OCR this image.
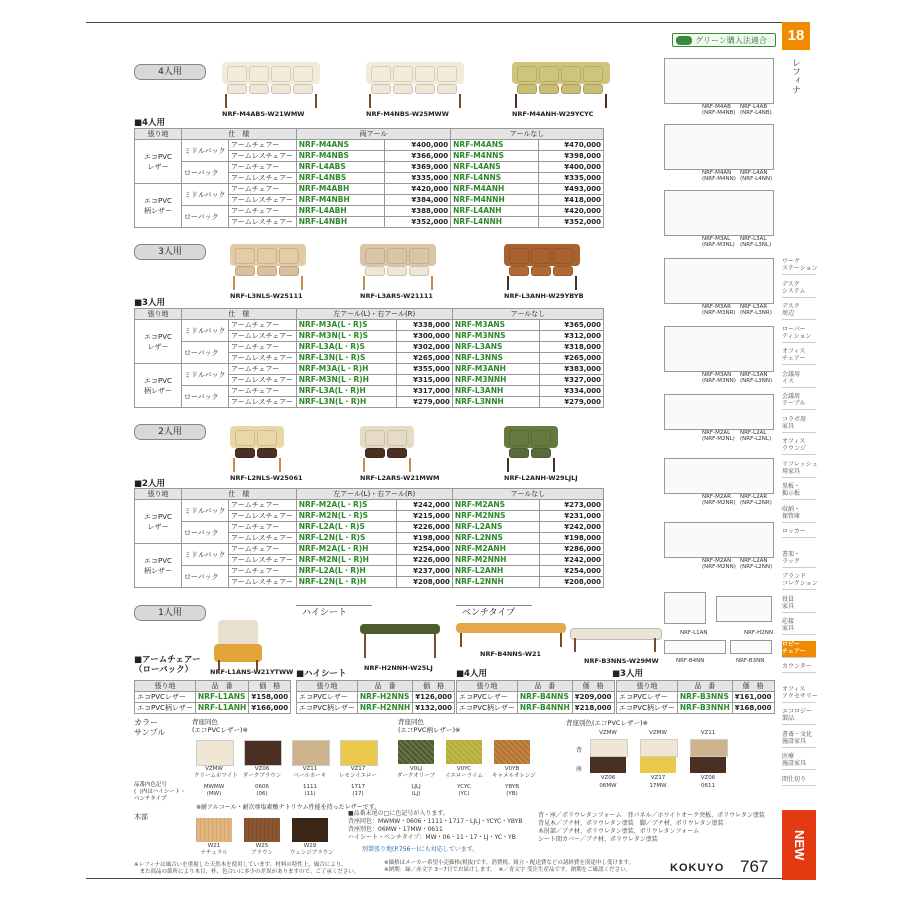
グリーン購入法適合	18
レフィナ
4人用
■4人用
3人用
■3人用
2人用
■2人用
1人用	ハイシート	ベンチタイプ
■アームチェアー
（ローバック）	NRF-L1ANS-W21YTWW ■ハイシート
NRF-H2NNH-W25LJ
NRF-B4NNS-W21
NRF-B3NNS-W29MW
■4人用	■3人用
カラー
サンプル
背座同色
(エコPVCレザー)※
背座同色
(エコPVC柄レザー)※
背座別色(エコPVCレザー)※
品番内色記号
(  )内はハイシート・
ベンチタイプ
※耐アルコール・耐次亜塩素酸ナトリウム性能を持ったレザーです。
木部	■品番末尾の□に色記号が入ります。
背座同色：MWMW・0606・1111・1717・LJLJ・YCYC・YBYB
背座別色：06MW・17MW・0611
ハイシート・ベンチタイプ：MW・06・11・17・LJ・YC・YB
別製張り地(P.756～)にも対応しています。
背・座／ポリウレタンフォーム　背パネル／ホワイトオーク突板、ポリウレタン塗装
背見木／ブナ材、ポリウレタン塗装　脚／ブナ材、ポリウレタン塗装
木肘部／ブナ材、ポリウレタン塗装、ポリウレタンフォーム
シート間カバー／ブナ材、ポリウレタン塗装
※レフィナは風合いを重視した天然木を使用しています。材料の特性上、風合により、
　また商品の箇所により木目、杯、色合いに多少の差異がありますので、ご了承ください。
※価格はメーカー希望小売価格(税抜)です。消費税、組立・配送費などの諸経費を別途申し受けます。
※納期：緑／赤文字 3～7日でお届けします。　※／青文字 受注生産品です。納期をご確認ください。	KOKUYO 767
NEW
NRF-M4ABS-W21WMW	NRF-M4NBS-W25MWW	NRF-M4ANH-W29YCYC
NRF-L3NLS-W25111	NRF-L3ARS-W21111	NRF-L3ANH-W29YBYB
NRF-L2NLS-W25061	NRF-L2ARS-W21MWM	NRF-L2ANH-W29LJLJ
張り地	仕　様		両アール		アールなし	
エコPVC
レザー	ミドルバック	アームチェアー	NRF-M4ANS	¥400,000	NRF-M4ANS	¥470,000
		アームレスチェアー	NRF-M4NBS	¥366,000	NRF-M4NNS	¥398,000
	ローバック	アームチェアー	NRF-L4ABS	¥369,000	NRF-L4ANS	¥400,000
		アームレスチェアー	NRF-L4NBS	¥335,000	NRF-L4NNS	¥335,000
エコPVC
柄レザー	ミドルバック	アームチェアー	NRF-M4ABH	¥420,000	NRF-M4ANH	¥493,000
		アームレスチェアー	NRF-M4NBH	¥384,000	NRF-M4NNH	¥418,000
	ローバック	アームチェアー	NRF-L4ABH	¥388,000	NRF-L4ANH	¥420,000
		アームレスチェアー	NRF-L4NBH	¥352,000	NRF-L4NNH	¥352,000
張り地	仕　様		左アール(L)・右アール(R)		アールなし	
エコPVC
レザー	ミドルバック	アームチェアー	NRF-M3A(L・R)S	¥338,000	NRF-M3ANS	¥365,000
		アームレスチェアー	NRF-M3N(L・R)S	¥300,000	NRF-M3NNS	¥312,000
	ローバック	アームチェアー	NRF-L3A(L・R)S	¥302,000	NRF-L3ANS	¥318,000
		アームレスチェアー	NRF-L3N(L・R)S	¥265,000	NRF-L3NNS	¥265,000
エコPVC
柄レザー	ミドルバック	アームチェアー	NRF-M3A(L・R)H	¥355,000	NRF-M3ANH	¥383,000
		アームレスチェアー	NRF-M3N(L・R)H	¥315,000	NRF-M3NNH	¥327,000
	ローバック	アームチェアー	NRF-L3A(L・R)H	¥317,000	NRF-L3ANH	¥334,000
		アームレスチェアー	NRF-L3N(L・R)H	¥279,000	NRF-L3NNH	¥279,000
張り地	仕　様		左アール(L)・右アール(R)		アールなし	
エコPVC
レザー	ミドルバック	アームチェアー	NRF-M2A(L・R)S	¥242,000	NRF-M2ANS	¥273,000
		アームレスチェアー	NRF-M2N(L・R)S	¥215,000	NRF-M2NNS	¥231,000
	ローバック	アームチェアー	NRF-L2A(L・R)S	¥226,000	NRF-L2ANS	¥242,000
		アームレスチェアー	NRF-L2N(L・R)S	¥198,000	NRF-L2NNS	¥198,000
エコPVC
柄レザー	ミドルバック	アームチェアー	NRF-M2A(L・R)H	¥254,000	NRF-M2ANH	¥286,000
		アームレスチェアー	NRF-M2N(L・R)H	¥226,000	NRF-M2NNH	¥242,000
	ローバック	アームチェアー	NRF-L2A(L・R)H	¥237,000	NRF-L2ANH	¥254,000
		アームレスチェアー	NRF-L2N(L・R)H	¥208,000	NRF-L2NNH	¥208,000
張り地	品　番	価　格
エコPVCレザー	NRF-L1ANS	¥158,000
エコPVC柄レザー	NRF-L1ANH	¥166,000
張り地	品　番	価　格
エコPVCレザー	NRF-H2NNS	¥126,000
エコPVC柄レザー	NRF-H2NNH	¥132,000
張り地	品　番	価　格
エコPVCレザー	NRF-B4NNS	¥209,000
エコPVC柄レザー	NRF-B4NNH	¥218,000
張り地	品　番	価　格
エコPVCレザー	NRF-B3NNS	¥161,000
エコPVC柄レザー	NRF-B3NNH	¥168,000
VZMW
クリームホワイト
MWMW
(MW)
VZ06
ダークブラウン
0606
(06)
VZ11
ベールカーキ
1111
(11)
VZ17
レモンイエロー
1717
(17)
V0LJ
ダークオリーブ
LJLJ
(LJ)
V0YC
イエローライム
YCYC
(YC)
V0YB
キャメルオレンジ
YBYB
(YB)
背
座
VZMW
VZ06
06MW
VZMW
VZ17
17MW
VZ11
VZ06
0611
W21
ナチュラル
W25
ブラウン
W29
ウェンジブラウン
ワーク
ステーション
デスク
システム
デスク
周辺
ローパー
ティション
オフィス
チェアー
会議用
イス
会議用
テーブル
コラボ用
家具
オフィス
ラウンジ
リフレッシュ
用家具
黒板・
掲示板
収納・
保管庫
ロッカー
書架・
ラック
ブランド
コレクション
役員
家具
応接
家具
ロビー
チェアー
カウンター
オフィス
アクセサリー
エコロジー
製品
書斎・文化
施設家具
医療
施設家具
間仕切り
NRF-M4AB
(NRF-M4NB)
NRF-L4AB
(NRF-L4NB)
NRF-M4AN
(NRF-M4NN)
NRF-L4AN
(NRF-L4NN)
NRF-M3AL
(NRF-M3NL)
NRF-L3AL
(NRF-L3NL)
NRF-M3AR
(NRF-M3NR)
NRF-L3AR
(NRF-L3NR)
NRF-M3AN
(NRF-M3NN)
NRF-L3AN
(NRF-L3NN)
NRF-M2AL
(NRF-M2NL)
NRF-L2AL
(NRF-L2NL)
NRF-M2AR
(NRF-M2NR)
NRF-L2AR
(NRF-L2NR)
NRF-M2AN
(NRF-M2NN)
NRF-L2AN
(NRF-L2NN)
NRF-L1AN	NRF-H2NN
NRF-B4NN	NRF-B3NN
